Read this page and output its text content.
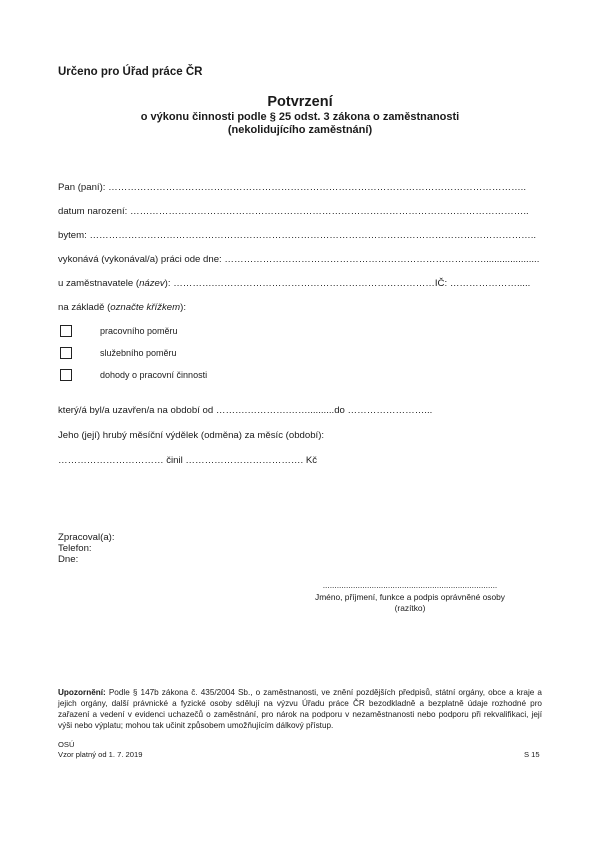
Určeno pro Úřad práce ČR
Potvrzení
o výkonu činnosti podle § 25 odst. 3 zákona o zaměstnanosti
(nekolidujícího zaměstnání)
Pan (paní): …………………………………………………………………………………………………………………..
datum narození: ……………………………………………………………………………………………………………..
bytem: …………………………………………………………………………………………………………………………..
vykonává (vykonával/a) práci ode dne: ……………………………………………………………………….....................
u zaměstnavatele (název): ………….……………………………………………………………IČ: ………………….....
na základě (označte křížkem):
pracovního poměru
služebního poměru
dohody o pracovní činnosti
který/á byl/a uzavřen/a na období od ……….………….……..........do ……………………...
Jeho (její) hrubý měsíční výdělek (odměna) za měsíc (období):
…………………………… činil ………………………………. Kč
Zpracoval(a):
Telefon:
Dne:
...........................................................................
Jméno, příjmení, funkce a podpis oprávněné osoby
(razítko)
Upozornění: Podle § 147b zákona č. 435/2004 Sb., o zaměstnanosti, ve znění pozdějších předpisů, státní orgány, obce a kraje a jejich orgány, další právnické a fyzické osoby sdělují na výzvu Úřadu práce ČR bezodkladně a bezplatně údaje rozhodné pro zařazení a vedení v evidenci uchazečů o zaměstnání, pro nárok na podporu v nezaměstnanosti nebo podporu při rekvalifikaci, její výši nebo výplatu; mohou tak učinit způsobem umožňujícím dálkový přístup.
OSÚ
Vzor platný od 1. 7. 2019	S 15
